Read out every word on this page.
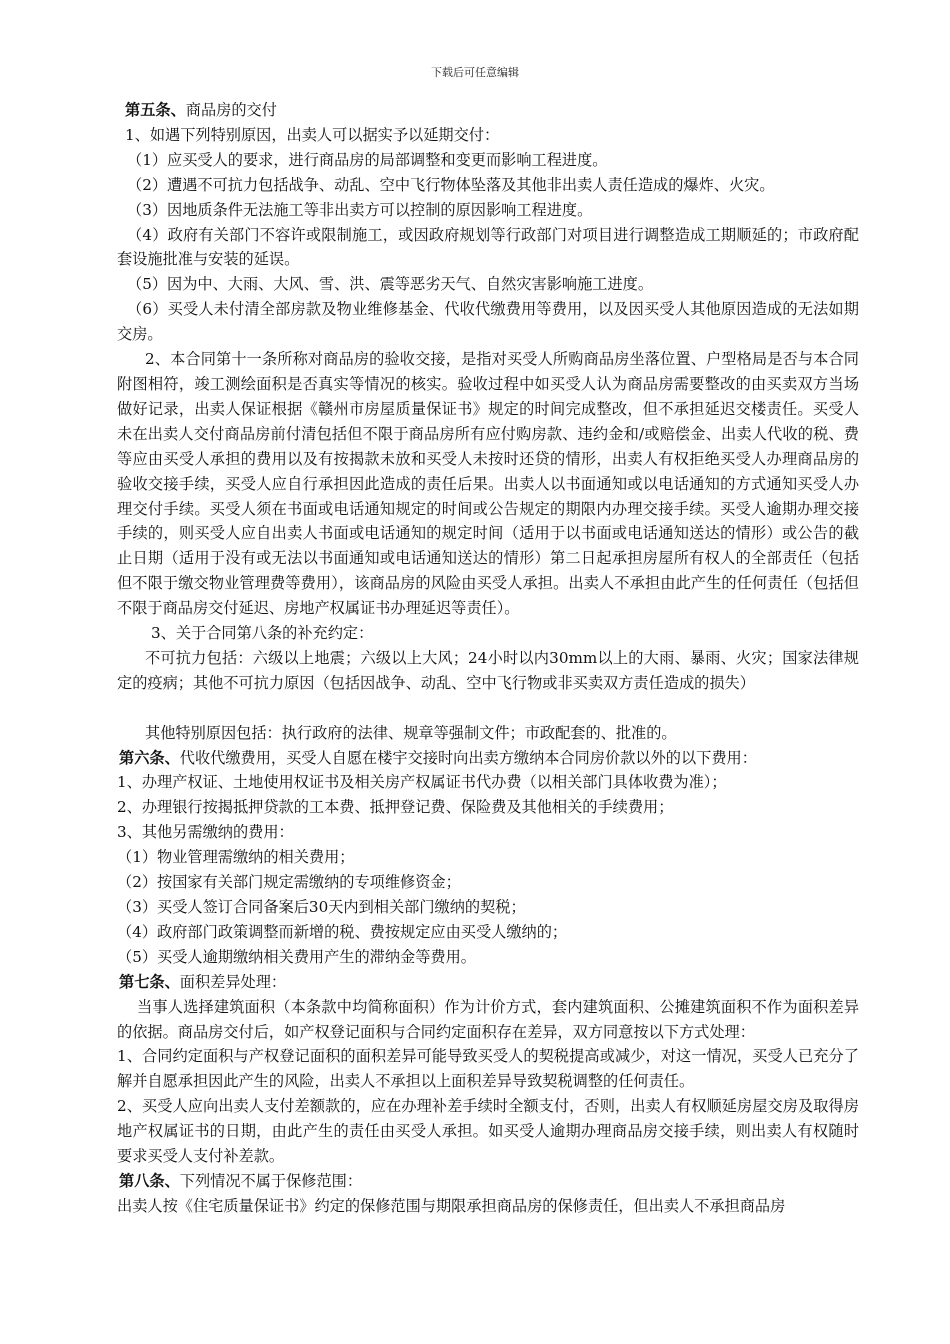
下载后可任意编辑

第五条、商品房的交付

1、如遇下列特别原因，出卖人可以据实予以延期交付：

（1）应买受人的要求，进行商品房的局部调整和变更而影响工程进度。

（2）遭遇不可抗力包括战争、动乱、空中飞行物体坠落及其他非出卖人责任造成的爆炸、火灾。

（3）因地质条件无法施工等非出卖方可以控制的原因影响工程进度。

（4）政府有关部门不容许或限制施工，或因政府规划等行政部门对项目进行调整造成工期顺延的；市政府配套设施批准与安装的延误。

（5）因为中、大雨、大风、雪、洪、震等恶劣天气、自然灾害影响施工进度。

（6）买受人未付清全部房款及物业维修基金、代收代缴费用等费用，以及因买受人其他原因造成的无法如期交房。

2、本合同第十一条所称对商品房的验收交接，是指对买受人所购商品房坐落位置、户型格局是否与本合同附图相符，竣工测绘面积是否真实等情况的核实。验收过程中如买受人认为商品房需要整改的由买卖双方当场做好记录，出卖人保证根据《赣州市房屋质量保证书》规定的时间完成整改，但不承担延迟交楼责任。买受人未在出卖人交付商品房前付清包括但不限于商品房所有应付购房款、违约金和/或赔偿金、出卖人代收的税、费等应由买受人承担的费用以及有按揭款未放和买受人未按时还贷的情形，出卖人有权拒绝买受人办理商品房的验收交接手续，买受人应自行承担因此造成的责任后果。出卖人以书面通知或以电话通知的方式通知买受人办理交付手续。买受人须在书面或电话通知规定的时间或公告规定的期限内办理交接手续。买受人逾期办理交接手续的，则买受人应自出卖人书面或电话通知的规定时间（适用于以书面或电话通知送达的情形）或公告的截止日期（适用于没有或无法以书面通知或电话通知送达的情形）第二日起承担房屋所有权人的全部责任（包括但不限于缴交物业管理费等费用），该商品房的风险由买受人承担。出卖人不承担由此产生的任何责任（包括但不限于商品房交付延迟、房地产权属证书办理延迟等责任）。

3、关于合同第八条的补充约定：

不可抗力包括：六级以上地震；六级以上大风；24小时以内30mm以上的大雨、暴雨、火灾；国家法律规定的疫病；其他不可抗力原因（包括因战争、动乱、空中飞行物或非买卖双方责任造成的损失）

其他特别原因包括：执行政府的法律、规章等强制文件；市政配套的、批准的。

第六条、代收代缴费用，买受人自愿在楼宇交接时向出卖方缴纳本合同房价款以外的以下费用：

1、办理产权证、土地使用权证书及相关房产权属证书代办费（以相关部门具体收费为准）；

2、办理银行按揭抵押贷款的工本费、抵押登记费、保险费及其他相关的手续费用；

3、其他另需缴纳的费用：

（1）物业管理需缴纳的相关费用；

（2）按国家有关部门规定需缴纳的专项维修资金；

（3）买受人签订合同备案后30天内到相关部门缴纳的契税；

（4）政府部门政策调整而新增的税、费按规定应由买受人缴纳的；

（5）买受人逾期缴纳相关费用产生的滞纳金等费用。

第七条、面积差异处理：

当事人选择建筑面积（本条款中均简称面积）作为计价方式，套内建筑面积、公摊建筑面积不作为面积差异的依据。商品房交付后，如产权登记面积与合同约定面积存在差异，双方同意按以下方式处理：

1、合同约定面积与产权登记面积的面积差异可能导致买受人的契税提高或减少，对这一情况，买受人已充分了解并自愿承担因此产生的风险，出卖人不承担以上面积差异导致契税调整的任何责任。

2、买受人应向出卖人支付差额款的，应在办理补差手续时全额支付，否则，出卖人有权顺延房屋交房及取得房地产权属证书的日期，由此产生的责任由买受人承担。如买受人逾期办理商品房交接手续，则出卖人有权随时要求买受人支付补差款。

第八条、下列情况不属于保修范围：

出卖人按《住宅质量保证书》约定的保修范围与期限承担商品房的保修责任，但出卖人不承担商品房
